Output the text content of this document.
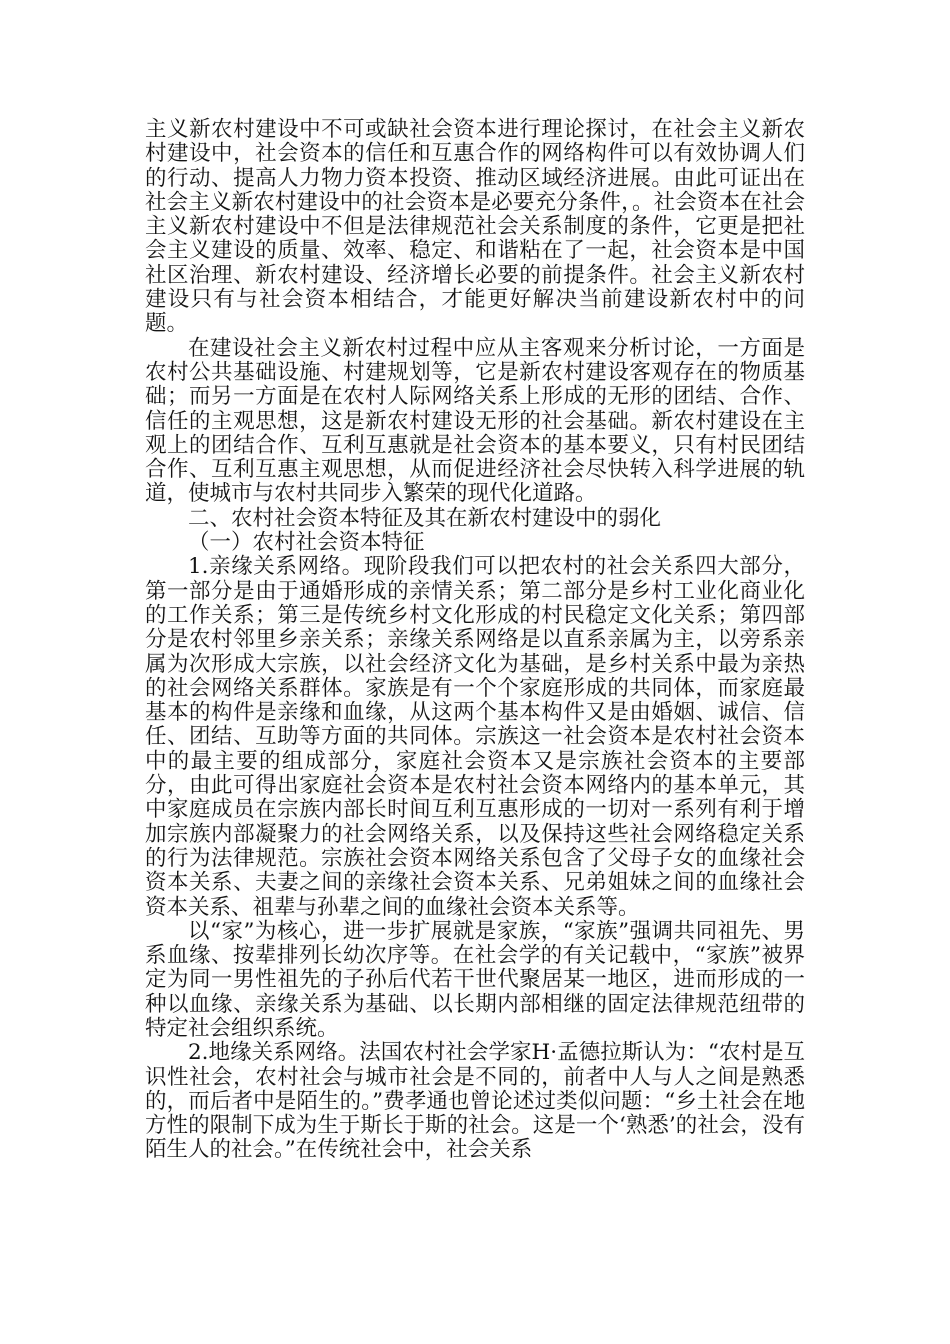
主义新农村建设中不可或缺社会资本进行理论探讨，在社会主义新农村建设中，社会资本的信任和互惠合作的网络构件可以有效协调人们的行动、提高人力物力资本投资、推动区域经济进展。由此可证出在社会主义新农村建设中的社会资本是必要充分条件，。社会资本在社会主义新农村建设中不但是法律规范社会关系制度的条件，它更是把社会主义建设的质量、效率、稳定、和谐粘在了一起，社会资本是中国社区治理、新农村建设、经济增长必要的前提条件。社会主义新农村建设只有与社会资本相结合，才能更好解决当前建设新农村中的问题。

在建设社会主义新农村过程中应从主客观来分析讨论，一方面是农村公共基础设施、村建规划等，它是新农村建设客观存在的物质基础；而另一方面是在农村人际网络关系上形成的无形的团结、合作、信任的主观思想，这是新农村建设无形的社会基础。新农村建设在主观上的团结合作、互利互惠就是社会资本的基本要义，只有村民团结合作、互利互惠主观思想，从而促进经济社会尽快转入科学进展的轨道，使城市与农村共同步入繁荣的现代化道路。

二、农村社会资本特征及其在新农村建设中的弱化

（一）农村社会资本特征

1.亲缘关系网络。现阶段我们可以把农村的社会关系四大部分，第一部分是由于通婚形成的亲情关系；第二部分是乡村工业化商业化的工作关系；第三是传统乡村文化形成的村民稳定文化关系；第四部分是农村邻里乡亲关系；亲缘关系网络是以直系亲属为主，以旁系亲属为次形成大宗族，以社会经济文化为基础，是乡村关系中最为亲热的社会网络关系群体。家族是有一个个家庭形成的共同体，而家庭最基本的构件是亲缘和血缘，从这两个基本构件又是由婚姻、诚信、信任、团结、互助等方面的共同体。宗族这一社会资本是农村社会资本中的最主要的组成部分，家庭社会资本又是宗族社会资本的主要部分，由此可得出家庭社会资本是农村社会资本网络内的基本单元，其中家庭成员在宗族内部长时间互利互惠形成的一切对一系列有利于增加宗族内部凝聚力的社会网络关系，以及保持这些社会网络稳定关系的行为法律规范。宗族社会资本网络关系包含了父母子女的血缘社会资本关系、夫妻之间的亲缘社会资本关系、兄弟姐妹之间的血缘社会资本关系、祖辈与孙辈之间的血缘社会资本关系等。

以“家”为核心，进一步扩展就是家族，“家族”强调共同祖先、男系血缘、按辈排列长幼次序等。在社会学的有关记载中，“家族”被界定为同一男性祖先的子孙后代若干世代聚居某一地区，进而形成的一种以血缘、亲缘关系为基础、以长期内部相继的固定法律规范纽带的特定社会组织系统。

2.地缘关系网络。法国农村社会学家H·孟德拉斯认为：“农村是互识性社会，农村社会与城市社会是不同的，前者中人与人之间是熟悉的，而后者中是陌生的。”费孝通也曾论述过类似问题：“乡土社会在地方性的限制下成为生于斯长于斯的社会。这是一个‘熟悉’的社会，没有陌生人的社会。”在传统社会中，社会关系
